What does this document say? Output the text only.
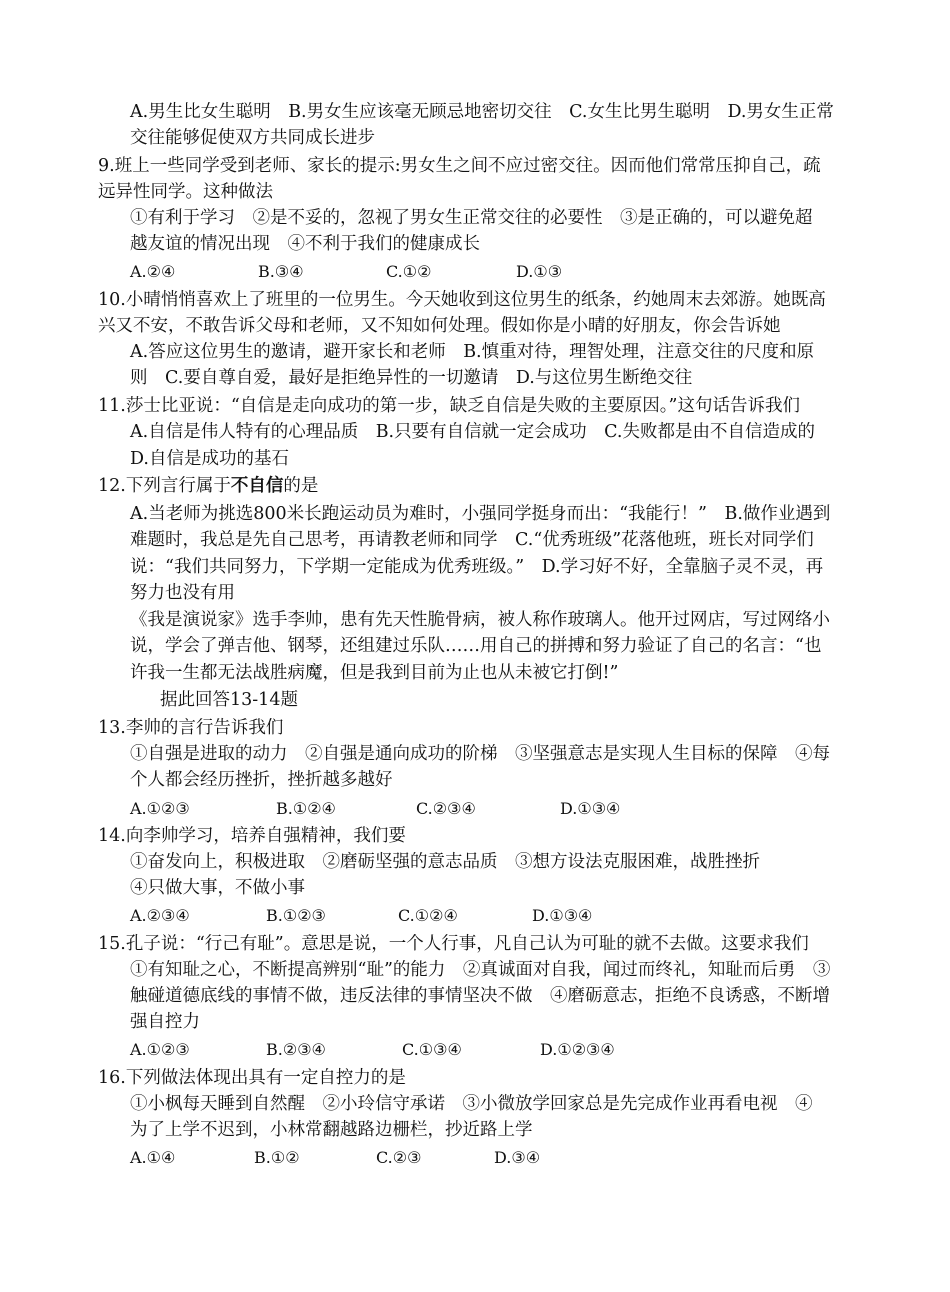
A.男生比女生聪明　B.男女生应该毫无顾忌地密切交往　C.女生比男生聪明　D.男女生正常
交往能够促使双方共同成长进步
9.班上一些同学受到老师、家长的提示:男女生之间不应过密交往。因而他们常常压抑自己，疏
远异性同学。这种做法
①有利于学习　②是不妥的，忽视了男女生正常交往的必要性　③是正确的，可以避免超
越友谊的情况出现　④不利于我们的健康成长
A.②④	B.③④	C.①②	D.①③
10.小晴悄悄喜欢上了班里的一位男生。今天她收到这位男生的纸条，约她周末去郊游。她既高
兴又不安，不敢告诉父母和老师，又不知如何处理。假如你是小晴的好朋友，你会告诉她
A.答应这位男生的邀请，避开家长和老师　B.慎重对待，理智处理，注意交往的尺度和原
则　C.要自尊自爱，最好是拒绝异性的一切邀请　D.与这位男生断绝交往
11.莎士比亚说：“自信是走向成功的第一步，缺乏自信是失败的主要原因。”这句话告诉我们
A.自信是伟人特有的心理品质　B.只要有自信就一定会成功　C.失败都是由不自信造成的
D.自信是成功的基石
12.下列言行属于不自信的是
A.当老师为挑选800米长跑运动员为难时，小强同学挺身而出：“我能行！”　B.做作业遇到
难题时，我总是先自己思考，再请教老师和同学　C.“优秀班级”花落他班，班长对同学们
说：“我们共同努力，下学期一定能成为优秀班级。”　D.学习好不好，全靠脑子灵不灵，再
努力也没有用
《我是演说家》选手李帅，患有先天性脆骨病，被人称作玻璃人。他开过网店，写过网络小
说，学会了弹吉他、钢琴，还组建过乐队……用自己的拼搏和努力验证了自己的名言：“也
许我一生都无法战胜病魔，但是我到目前为止也从未被它打倒!”
据此回答13-14题
13.李帅的言行告诉我们
①自强是进取的动力　②自强是通向成功的阶梯　③坚强意志是实现人生目标的保障　④每
个人都会经历挫折，挫折越多越好
A.①②③	B.①②④	C.②③④	D.①③④
14.向李帅学习，培养自强精神，我们要
①奋发向上，积极进取　②磨砺坚强的意志品质　③想方设法克服困难，战胜挫折
④只做大事，不做小事
A.②③④	B.①②③	C.①②④	D.①③④
15.孔子说：“行己有耻”。意思是说，一个人行事，凡自己认为可耻的就不去做。这要求我们
①有知耻之心，不断提高辨别“耻”的能力　②真诚面对自我，闻过而终礼，知耻而后勇　③
触碰道德底线的事情不做，违反法律的事情坚决不做　④磨砺意志，拒绝不良诱惑，不断增
强自控力
A.①②③	B.②③④	C.①③④	D.①②③④
16.下列做法体现出具有一定自控力的是
①小枫每天睡到自然醒　②小玲信守承诺　③小微放学回家总是先完成作业再看电视　④
为了上学不迟到，小林常翻越路边栅栏，抄近路上学
A.①④	B.①②	C.②③	D.③④
